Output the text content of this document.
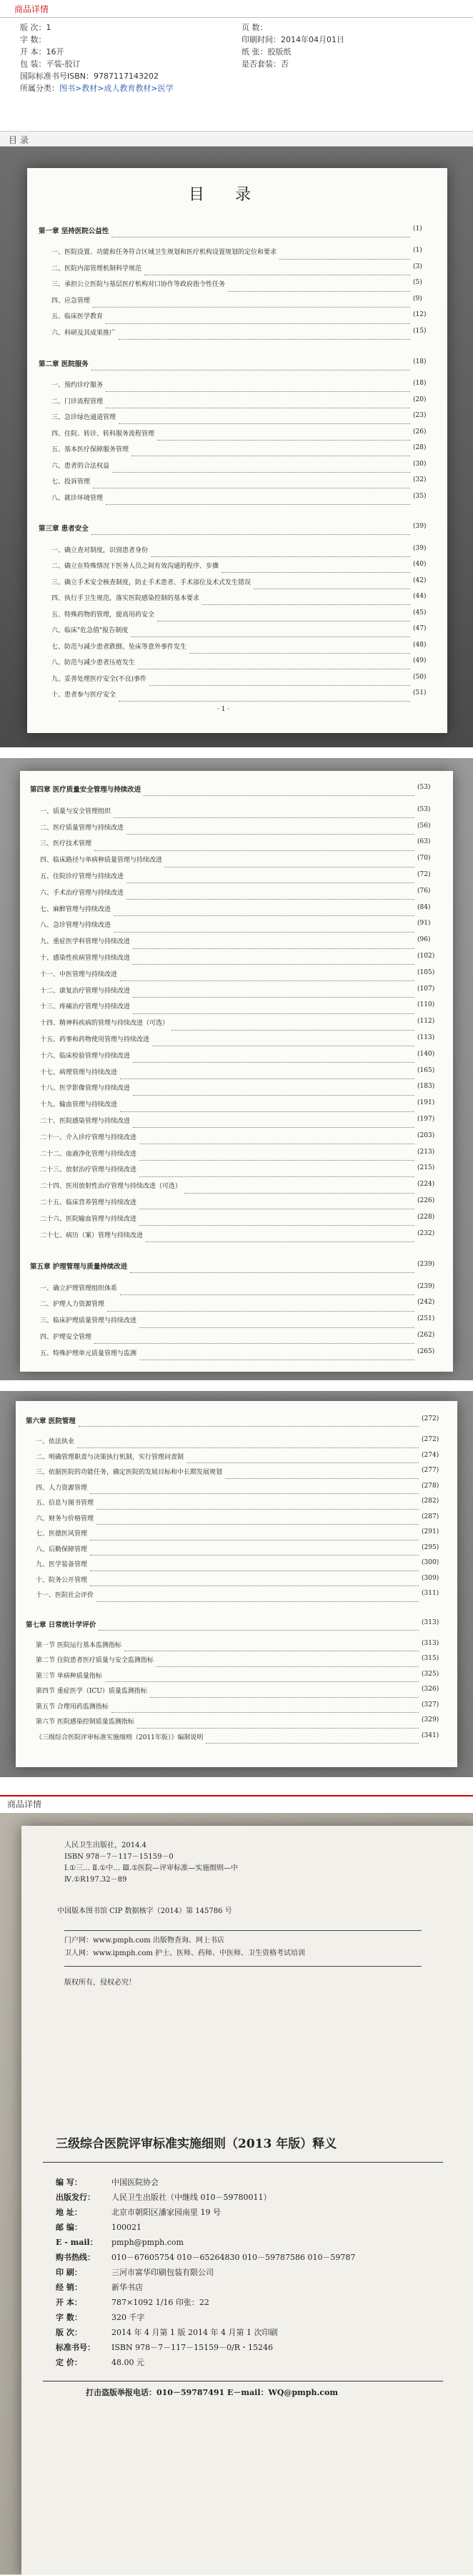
商品详情
版 次：1	页 数：
字 数：	印刷时间：2014年04月01日
开 本：16开	纸 张：胶版纸
包 装：平装-胶订	是否套装：否
国际标准书号ISBN：9787117143202
所属分类：图书>教材>成人教育教材>医学
目 录
目 录
· 1 ·
第一章 坚持医院公益性	(1)
一、医院设置、功能和任务符合区域卫生规划和医疗机构设置规划的定位和要求	(1)
二、医院内部管理机制科学规范	(3)
三、承担公立医院与基层医疗机构对口协作等政府指令性任务	(5)
四、应急管理	(9)
五、临床医学教育	(12)
六、科研及其成果推广	(15)
第二章 医院服务	(18)
一、预约诊疗服务	(18)
二、门诊流程管理	(20)
三、急诊绿色通道管理	(23)
四、住院、转诊、转科服务流程管理	(26)
五、基本医疗保障服务管理	(28)
六、患者的合法权益	(30)
七、投诉管理	(32)
八、就诊环境管理	(35)
第三章 患者安全	(39)
一、确立查对制度，识别患者身份	(39)
二、确立在特殊情况下医务人员之间有效沟通的程序、步骤	(40)
三、确立手术安全核查制度，防止手术患者、手术部位及术式发生错误	(42)
四、执行手卫生规范，落实医院感染控制的基本要求	(44)
五、特殊药物的管理，提高用药安全	(45)
六、临床"危急值"报告制度	(47)
七、防范与减少患者跌倒、坠床等意外事件发生	(48)
八、防范与减少患者压疮发生	(49)
九、妥善处理医疗安全(不良)事件	(50)
十、患者参与医疗安全	(51)
第四章 医疗质量安全管理与持续改进	(53)
一、质量与安全管理组织	(53)
二、医疗质量管理与持续改进	(56)
三、医疗技术管理	(63)
四、临床路径与单病种质量管理与持续改进	(70)
五、住院诊疗管理与持续改进	(72)
六、手术治疗管理与持续改进	(76)
七、麻醉管理与持续改进	(84)
八、急诊管理与持续改进	(91)
九、重症医学科管理与持续改进	(96)
十、感染性疾病管理与持续改进	(102)
十一、中医管理与持续改进	(105)
十二、康复治疗管理与持续改进	(107)
十三、疼痛治疗管理与持续改进	(110)
十四、精神科疾病的管理与持续改进（可选）	(112)
十五、药事和药物使用管理与持续改进	(113)
十六、临床检验管理与持续改进	(140)
十七、病理管理与持续改进	(165)
十八、医学影像管理与持续改进	(183)
十九、输血管理与持续改进	(191)
二十、医院感染管理与持续改进	(197)
二十一、介入诊疗管理与持续改进	(203)
二十二、血液净化管理与持续改进	(213)
二十三、放射治疗管理与持续改进	(215)
二十四、医用放射性治疗管理与持续改进（可选）	(224)
二十五、临床营养管理与持续改进	(226)
二十六、医院输血管理与持续改进	(228)
二十七、病历（案）管理与持续改进	(232)
第五章 护理管理与质量持续改进	(239)
一、确立护理管理组织体系	(239)
二、护理人力资源管理	(242)
三、临床护理质量管理与持续改进	(251)
四、护理安全管理	(262)
五、特殊护理单元质量管理与监测	(265)
第六章 医院管理	(272)
一、依法执业	(272)
二、明确管理职责与决策执行机制，实行管理问责制	(274)
三、依据医院的功能任务，确定医院的发展目标和中长期发展规划	(277)
四、人力资源管理	(278)
五、信息与图书管理	(282)
六、财务与价格管理	(287)
七、医德医风管理	(291)
八、后勤保障管理	(295)
九、医学装备管理	(300)
十、院务公开管理	(309)
十一、医院社会评价	(311)
第七章 日常统计学评价	(313)
第一节 医院运行基本监测指标	(313)
第二节 住院患者医疗质量与安全监测指标	(315)
第三节 单病种质量指标	(325)
第四节 重症医学（ICU）质量监测指标	(326)
第五节 合理用药监测指标	(327)
第六节 医院感染控制质量监测指标	(329)
《三级综合医院评审标准实施细则（2011年版）》编制说明	(341)
商品详情
人民卫生出版社，2014.4
ISBN 978－7－117－15159－0
Ⅰ.①三… Ⅱ.①中… Ⅲ.①医院—评审标准—实施细则—中
Ⅳ.①R197.32－89
中国版本图书馆 CIP 数据核字（2014）第 145786 号
门户网：www.pmph.com 出版物查询、网上书店
卫人网：www.ipmph.com 护士、医师、药师、中医师、卫生资格考试培训
版权所有，侵权必究！
三级综合医院评审标准实施细则（2013 年版）释义
编 写：	中国医院协会
出版发行： 人民卫生出版社（中继线 010－59780011）
地 址：	北京市朝阳区潘家园南里 19 号
邮 编：	100021
E - mail： pmph@pmph.com
购书热线： 010－67605754 010－65264830 010－59787586 010－59787
印 刷：	三河市富华印刷包装有限公司
经 销：	新华书店
开 本：	787×1092 1/16 印张：22
字 数：	320 千字
版 次：	2014 年 4 月第 1 版 2014 年 4 月第 1 次印刷
标准书号： ISBN 978－7－117－15159－0/R・15246
定 价：	48.00 元
打击盗版举报电话：010－59787491 E－mail：WQ@pmph.com
